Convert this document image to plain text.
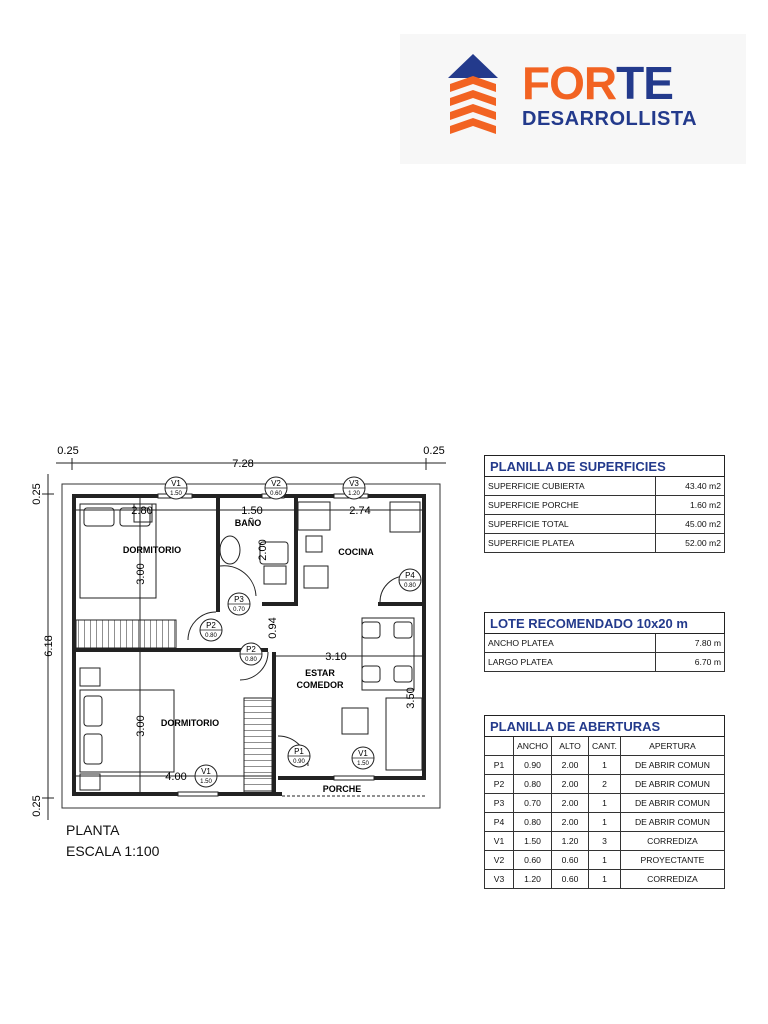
FORTE
DESARROLLISTA
0.25
7.28
0.25
0.25
6.18
0.25
2.80	1.50	2.74
2.00
3.00
3.00
0.94
3.10
3.50
4.00
DORMITORIO
DORMITORIO
BAÑO
COCINA
ESTAR
COMEDOR
PORCHE
V1
1.50
V2
0.60
V3
1.20
P3
0.70
P2
0.80
P2
0.80
P4
0.80
P1
0.90
V1
1.50
V1
1.50
PLANTA
ESCALA 1:100
PLANILLA DE SUPERFICIES	
SUPERFICIE CUBIERTA	43.40 m2
SUPERFICIE PORCHE	1.60 m2
SUPERFICIE TOTAL	45.00 m2
SUPERFICIE PLATEA	52.00 m2
LOTE RECOMENDADO 10x20 m	
ANCHO PLATEA	7.80 m
LARGO PLATEA	6.70 m
PLANILLA DE ABERTURAS				
	ANCHO	ALTO	CANT.	APERTURA
P1	0.90	2.00	1	DE ABRIR COMUN
P2	0.80	2.00	2	DE ABRIR COMUN
P3	0.70	2.00	1	DE ABRIR COMUN
P4	0.80	2.00	1	DE ABRIR COMUN
V1	1.50	1.20	3	CORREDIZA
V2	0.60	0.60	1	PROYECTANTE
V3	1.20	0.60	1	CORREDIZA
